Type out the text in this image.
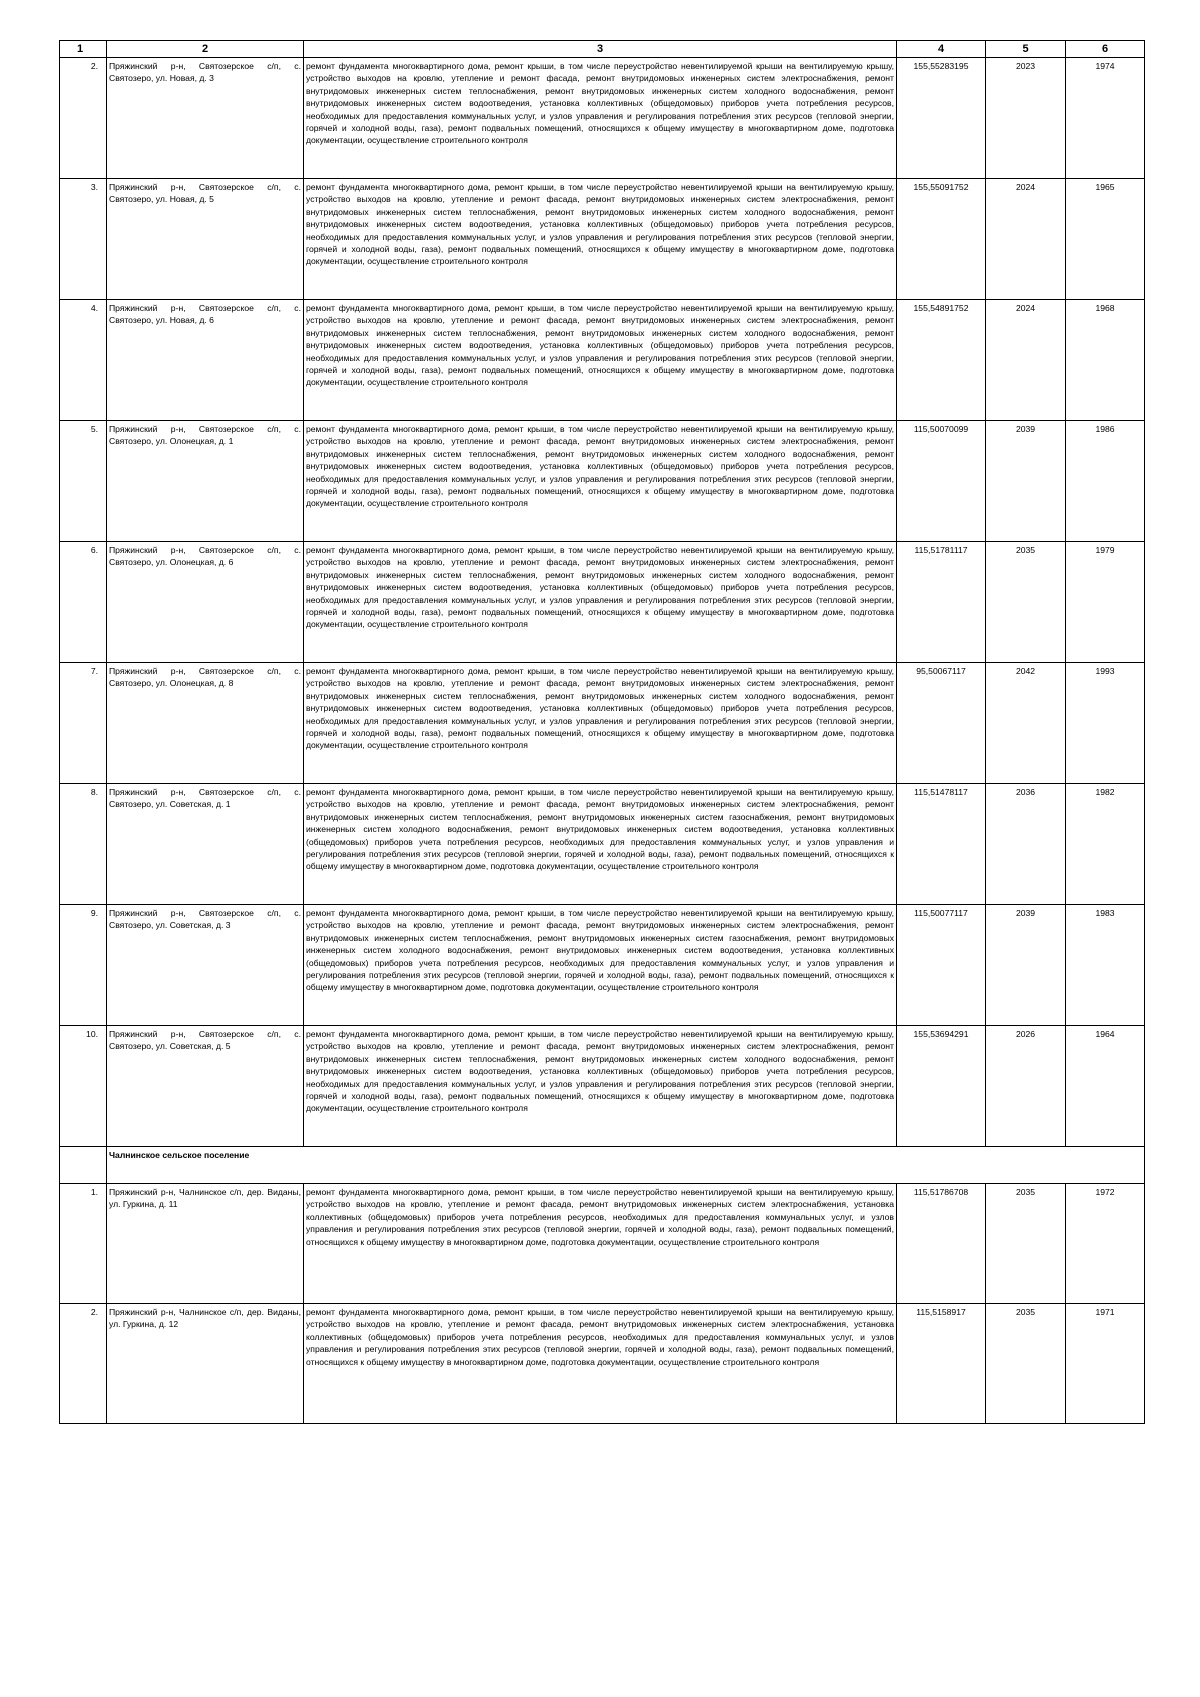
1	2	3	4	5	6
2.	Пряжинский р-н, Святозерское с/п, с. Святозеро, ул. Новая, д. 3	ремонт фундамента многоквартирного дома, ремонт крыши, в том числе переустройство невентилируемой крыши на вентилируемую крышу, устройство выходов на кровлю, утепление и ремонт фасада, ремонт внутридомовых инженерных систем электроснабжения, ремонт внутридомовых инженерных систем теплоснабжения, ремонт внутридомовых инженерных систем холодного водоснабжения, ремонт внутридомовых инженерных систем водоотведения, установка коллективных (общедомовых) приборов учета потребления ресурсов, необходимых для предоставления коммунальных услуг, и узлов управления и регулирования потребления этих ресурсов (тепловой энергии, горячей и холодной воды, газа), ремонт подвальных помещений, относящихся к общему имуществу в многоквартирном доме, подготовка документации, осуществление строительного контроля	155,55283195	2023	1974
3.	Пряжинский р-н, Святозерское с/п, с. Святозеро, ул. Новая, д. 5	ремонт фундамента многоквартирного дома, ремонт крыши, в том числе переустройство невентилируемой крыши на вентилируемую крышу, устройство выходов на кровлю, утепление и ремонт фасада, ремонт внутридомовых инженерных систем электроснабжения, ремонт внутридомовых инженерных систем теплоснабжения, ремонт внутридомовых инженерных систем холодного водоснабжения, ремонт внутридомовых инженерных систем водоотведения, установка коллективных (общедомовых) приборов учета потребления ресурсов, необходимых для предоставления коммунальных услуг, и узлов управления и регулирования потребления этих ресурсов (тепловой энергии, горячей и холодной воды, газа), ремонт подвальных помещений, относящихся к общему имуществу в многоквартирном доме, подготовка документации, осуществление строительного контроля	155,55091752	2024	1965
4.	Пряжинский р-н, Святозерское с/п, с. Святозеро, ул. Новая, д. 6	ремонт фундамента многоквартирного дома, ремонт крыши, в том числе переустройство невентилируемой крыши на вентилируемую крышу, устройство выходов на кровлю, утепление и ремонт фасада, ремонт внутридомовых инженерных систем электроснабжения, ремонт внутридомовых инженерных систем теплоснабжения, ремонт внутридомовых инженерных систем холодного водоснабжения, ремонт внутридомовых инженерных систем водоотведения, установка коллективных (общедомовых) приборов учета потребления ресурсов, необходимых для предоставления коммунальных услуг, и узлов управления и регулирования потребления этих ресурсов (тепловой энергии, горячей и холодной воды, газа), ремонт подвальных помещений, относящихся к общему имуществу в многоквартирном доме, подготовка документации, осуществление строительного контроля	155,54891752	2024	1968
5.	Пряжинский р-н, Святозерское с/п, с. Святозеро, ул. Олонецкая, д. 1	ремонт фундамента многоквартирного дома, ремонт крыши, в том числе переустройство невентилируемой крыши на вентилируемую крышу, устройство выходов на кровлю, утепление и ремонт фасада, ремонт внутридомовых инженерных систем электроснабжения, ремонт внутридомовых инженерных систем теплоснабжения, ремонт внутридомовых инженерных систем холодного водоснабжения, ремонт внутридомовых инженерных систем водоотведения, установка коллективных (общедомовых) приборов учета потребления ресурсов, необходимых для предоставления коммунальных услуг, и узлов управления и регулирования потребления этих ресурсов (тепловой энергии, горячей и холодной воды, газа), ремонт подвальных помещений, относящихся к общему имуществу в многоквартирном доме, подготовка документации, осуществление строительного контроля	115,50070099	2039	1986
6.	Пряжинский р-н, Святозерское с/п, с. Святозеро, ул. Олонецкая, д. 6	ремонт фундамента многоквартирного дома, ремонт крыши, в том числе переустройство невентилируемой крыши на вентилируемую крышу, устройство выходов на кровлю, утепление и ремонт фасада, ремонт внутридомовых инженерных систем электроснабжения, ремонт внутридомовых инженерных систем теплоснабжения, ремонт внутридомовых инженерных систем холодного водоснабжения, ремонт внутридомовых инженерных систем водоотведения, установка коллективных (общедомовых) приборов учета потребления ресурсов, необходимых для предоставления коммунальных услуг, и узлов управления и регулирования потребления этих ресурсов (тепловой энергии, горячей и холодной воды, газа), ремонт подвальных помещений, относящихся к общему имуществу в многоквартирном доме, подготовка документации, осуществление строительного контроля	115,51781117	2035	1979
7.	Пряжинский р-н, Святозерское с/п, с. Святозеро, ул. Олонецкая, д. 8	ремонт фундамента многоквартирного дома, ремонт крыши, в том числе переустройство невентилируемой крыши на вентилируемую крышу, устройство выходов на кровлю, утепление и ремонт фасада, ремонт внутридомовых инженерных систем электроснабжения, ремонт внутридомовых инженерных систем теплоснабжения, ремонт внутридомовых инженерных систем холодного водоснабжения, ремонт внутридомовых инженерных систем водоотведения, установка коллективных (общедомовых) приборов учета потребления ресурсов, необходимых для предоставления коммунальных услуг, и узлов управления и регулирования потребления этих ресурсов (тепловой энергии, горячей и холодной воды, газа), ремонт подвальных помещений, относящихся к общему имуществу в многоквартирном доме, подготовка документации, осуществление строительного контроля	95,50067117	2042	1993
8.	Пряжинский р-н, Святозерское с/п, с. Святозеро, ул. Советская, д. 1	ремонт фундамента многоквартирного дома, ремонт крыши, в том числе переустройство невентилируемой крыши на вентилируемую крышу, устройство выходов на кровлю, утепление и ремонт фасада, ремонт внутридомовых инженерных систем электроснабжения, ремонт внутридомовых инженерных систем теплоснабжения, ремонт внутридомовых инженерных систем газоснабжения, ремонт внутридомовых инженерных систем холодного водоснабжения, ремонт внутридомовых инженерных систем водоотведения, установка коллективных (общедомовых) приборов учета потребления ресурсов, необходимых для предоставления коммунальных услуг, и узлов управления и регулирования потребления этих ресурсов (тепловой энергии, горячей и холодной воды, газа), ремонт подвальных помещений, относящихся к общему имуществу в многоквартирном доме, подготовка документации, осуществление строительного контроля	115,51478117	2036	1982
9.	Пряжинский р-н, Святозерское с/п, с. Святозеро, ул. Советская, д. 3	ремонт фундамента многоквартирного дома, ремонт крыши, в том числе переустройство невентилируемой крыши на вентилируемую крышу, устройство выходов на кровлю, утепление и ремонт фасада, ремонт внутридомовых инженерных систем электроснабжения, ремонт внутридомовых инженерных систем теплоснабжения, ремонт внутридомовых инженерных систем газоснабжения, ремонт внутридомовых инженерных систем холодного водоснабжения, ремонт внутридомовых инженерных систем водоотведения, установка коллективных (общедомовых) приборов учета потребления ресурсов, необходимых для предоставления коммунальных услуг, и узлов управления и регулирования потребления этих ресурсов (тепловой энергии, горячей и холодной воды, газа), ремонт подвальных помещений, относящихся к общему имуществу в многоквартирном доме, подготовка документации, осуществление строительного контроля	115,50077117	2039	1983
10.	Пряжинский р-н, Святозерское с/п, с. Святозеро, ул. Советская, д. 5	ремонт фундамента многоквартирного дома, ремонт крыши, в том числе переустройство невентилируемой крыши на вентилируемую крышу, устройство выходов на кровлю, утепление и ремонт фасада, ремонт внутридомовых инженерных систем электроснабжения, ремонт внутридомовых инженерных систем теплоснабжения, ремонт внутридомовых инженерных систем холодного водоснабжения, ремонт внутридомовых инженерных систем водоотведения, установка коллективных (общедомовых) приборов учета потребления ресурсов, необходимых для предоставления коммунальных услуг, и узлов управления и регулирования потребления этих ресурсов (тепловой энергии, горячей и холодной воды, газа), ремонт подвальных помещений, относящихся к общему имуществу в многоквартирном доме, подготовка документации, осуществление строительного контроля	155,53694291	2026	1964
	Чалнинское сельское поселение				
1.	Пряжинский р-н, Чалнинское с/п, дер. Виданы, ул. Гуркина, д. 11	ремонт фундамента многоквартирного дома, ремонт крыши, в том числе переустройство невентилируемой крыши на вентилируемую крышу, устройство выходов на кровлю, утепление и ремонт фасада, ремонт внутридомовых инженерных систем электроснабжения, установка коллективных (общедомовых) приборов учета потребления ресурсов, необходимых для предоставления коммунальных услуг, и узлов управления и регулирования потребления этих ресурсов (тепловой энергии, горячей и холодной воды, газа), ремонт подвальных помещений, относящихся к общему имуществу в многоквартирном доме, подготовка документации, осуществление строительного контроля	115,51786708	2035	1972
2.	Пряжинский р-н, Чалнинское с/п, дер. Виданы, ул. Гуркина, д. 12	ремонт фундамента многоквартирного дома, ремонт крыши, в том числе переустройство невентилируемой крыши на вентилируемую крышу, устройство выходов на кровлю, утепление и ремонт фасада, ремонт внутридомовых инженерных систем электроснабжения, установка коллективных (общедомовых) приборов учета потребления ресурсов, необходимых для предоставления коммунальных услуг, и узлов управления и регулирования потребления этих ресурсов (тепловой энергии, горячей и холодной воды, газа), ремонт подвальных помещений, относящихся к общему имуществу в многоквартирном доме, подготовка документации, осуществление строительного контроля	115,5158917	2035	1971
